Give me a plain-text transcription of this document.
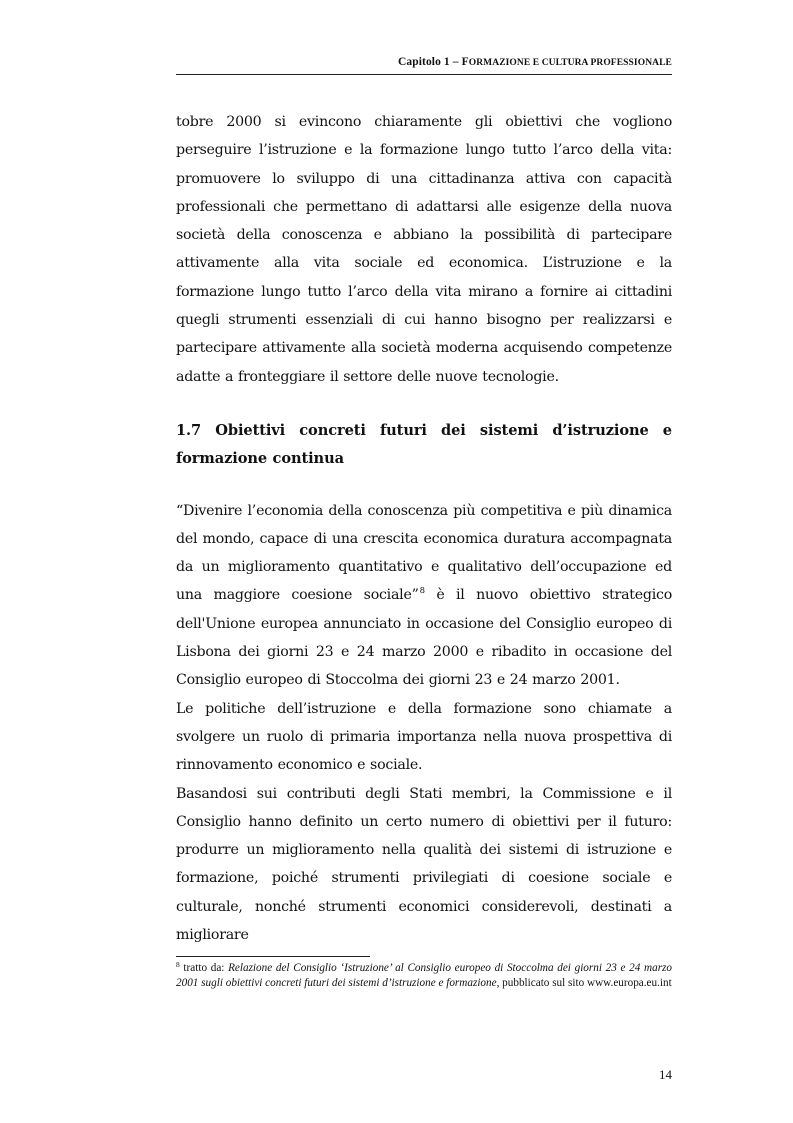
Capitolo 1 – FORMAZIONE E CULTURA PROFESSIONALE

tobre 2000 si evincono chiaramente gli obiettivi che vogliono perseguire l’istruzione e la formazione lungo tutto l’arco della vita: promuovere lo sviluppo di una cittadinanza attiva con capacità professionali che permettano di adattarsi alle esigenze della nuova società della conoscenza e abbiano la possibilità di partecipare attivamente alla vita sociale ed economica. L’istruzione e la formazione lungo tutto l’arco della vita mirano a fornire ai cittadini quegli strumenti essenziali di cui hanno bisogno per realizzarsi e partecipare attivamente alla società moderna acquisendo competenze adatte a fronteggiare il settore delle nuove tecnologie.

1.7 Obiettivi concreti futuri dei sistemi d’istruzione e formazione continua

“Divenire l’economia della conoscenza più competitiva e più dinamica del mondo, capace di una crescita economica duratura accompagnata da un miglioramento quantitativo e qualitativo dell’occupazione ed una maggiore coesione sociale”$^8$ è il nuovo obiettivo strategico dell'Unione europea annunciato in occasione del Consiglio europeo di Lisbona dei giorni 23 e 24 marzo 2000 e ribadito in occasione del Consiglio europeo di Stoccolma dei giorni 23 e 24 marzo 2001.

Le politiche dell’istruzione e della formazione sono chiamate a svolgere un ruolo di primaria importanza nella nuova prospettiva di rinnovamento economico e sociale.

Basandosi sui contributi degli Stati membri, la Commissione e il Consiglio hanno definito un certo numero di obiettivi per il futuro: produrre un miglioramento nella qualità dei sistemi di istruzione e formazione, poiché strumenti privilegiati di coesione sociale e culturale, nonché strumenti economici considerevoli, destinati a migliorare

$^8$ tratto da: Relazione del Consiglio ‘Istruzione’ al Consiglio europeo di Stoccolma dei giorni 23 e 24 marzo 2001 sugli obiettivi concreti futuri dei sistemi d’istruzione e formazione, pubblicato sul sito www.europa.eu.int
14
